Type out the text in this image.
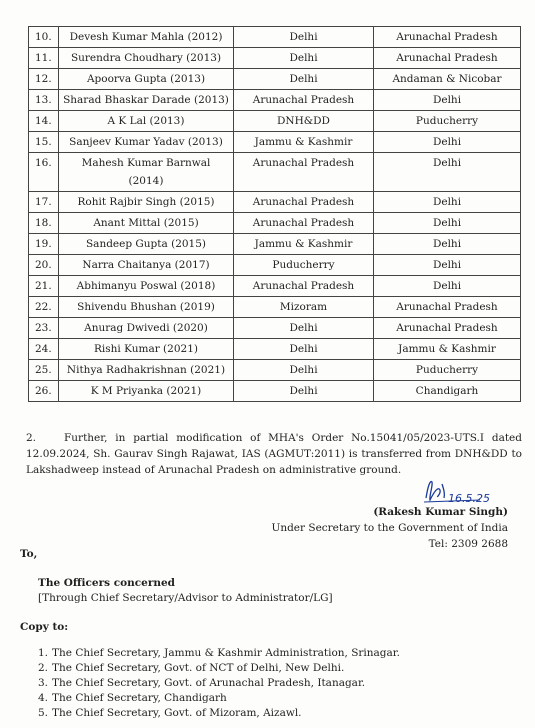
10.	Devesh Kumar Mahla (2012)	Delhi	Arunachal Pradesh
11.	Surendra Choudhary (2013)	Delhi	Arunachal Pradesh
12.	Apoorva Gupta (2013)	Delhi	Andaman & Nicobar
13.	Sharad Bhaskar Darade (2013)	Arunachal Pradesh	Delhi
14.	A K Lal (2013)	DNH&DD	Puducherry
15.	Sanjeev Kumar Yadav (2013)	Jammu & Kashmir	Delhi
16.	Mahesh Kumar Barnwal (2014)	Arunachal Pradesh	Delhi
17.	Rohit Rajbir Singh (2015)	Arunachal Pradesh	Delhi
18.	Anant Mittal (2015)	Arunachal Pradesh	Delhi
19.	Sandeep Gupta (2015)	Jammu & Kashmir	Delhi
20.	Narra Chaitanya (2017)	Puducherry	Delhi
21.	Abhimanyu Poswal (2018)	Arunachal Pradesh	Delhi
22.	Shivendu Bhushan (2019)	Mizoram	Arunachal Pradesh
23.	Anurag Dwivedi (2020)	Delhi	Arunachal Pradesh
24.	Rishi Kumar (2021)	Delhi	Jammu & Kashmir
25.	Nithya Radhakrishnan (2021)	Delhi	Puducherry
26.	K M Priyanka (2021)	Delhi	Chandigarh
2.	Further, in partial modification of MHA's Order No.15041/05/2023-UTS.I dated 12.09.2024, Sh. Gaurav Singh Rajawat, IAS (AGMUT:2011) is transferred from DNH&DD to Lakshadweep instead of Arunachal Pradesh on administrative ground.
16.5.25
(Rakesh Kumar Singh)
Under Secretary to the Government of India
Tel: 2309 2688
To,
The Officers concerned
[Through Chief Secretary/Advisor to Administrator/LG]
Copy to:
1. The Chief Secretary, Jammu & Kashmir Administration, Srinagar.
2. The Chief Secretary, Govt. of NCT of Delhi, New Delhi.
3. The Chief Secretary, Govt. of Arunachal Pradesh, Itanagar.
4. The Chief Secretary, Chandigarh
5. The Chief Secretary, Govt. of Mizoram, Aizawl.
